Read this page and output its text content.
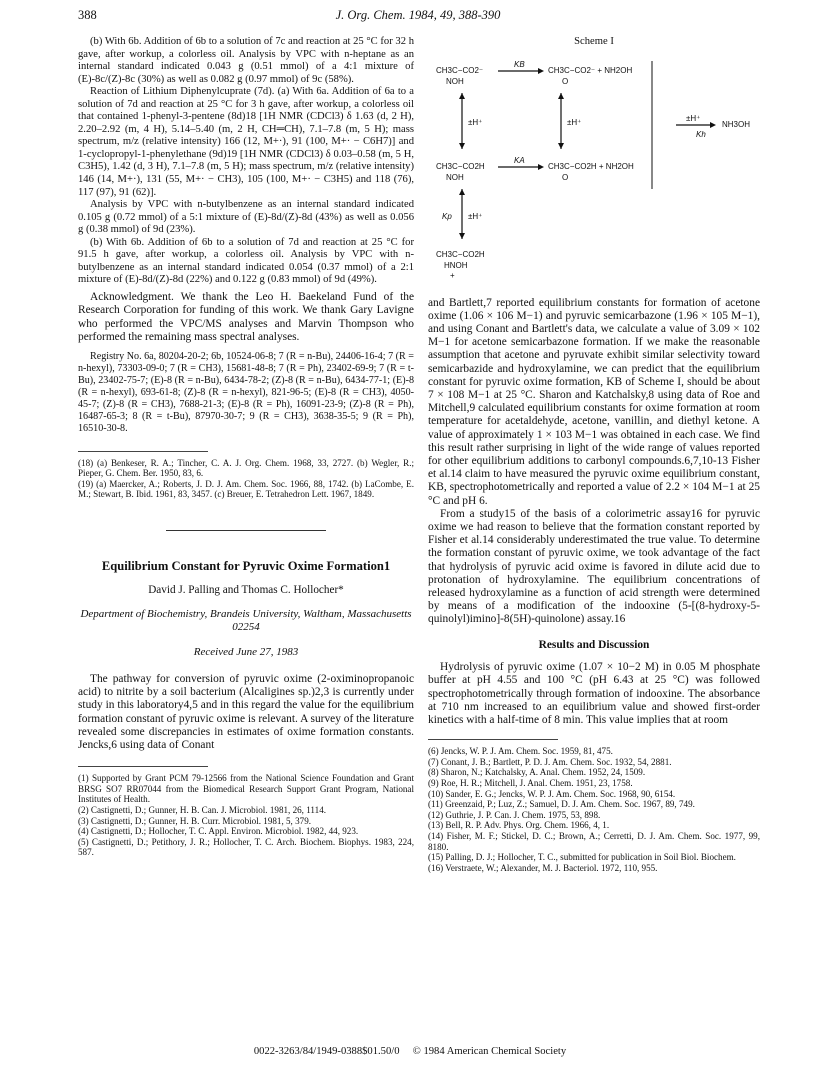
388	J. Org. Chem. 1984, 49, 388-390

(b) With 6b. Addition of 6b to a solution of 7c and reaction at 25 °C for 32 h gave, after workup, a colorless oil. Analysis by VPC with n-heptane as an internal standard indicated 0.043 g (0.51 mmol) of a 4:1 mixture of (E)-8c/(Z)-8c (30%) as well as 0.082 g (0.97 mmol) of 9c (58%).

Reaction of Lithium Diphenylcuprate (7d). (a) With 6a. Addition of 6a to a solution of 7d and reaction at 25 °C for 3 h gave, after workup, a colorless oil that contained 1-phenyl-3-pentene (8d)18 [1H NMR (CDCl3) δ 1.63 (d, 2 H), 2.20–2.92 (m, 4 H), 5.14–5.40 (m, 2 H, CH═CH), 7.1–7.8 (m, 5 H); mass spectrum, m/z (relative intensity) 166 (12, M+·), 91 (100, M+· − C6H7)] and 1-cyclopropyl-1-phenylethane (9d)19 [1H NMR (CDCl3) δ 0.03–0.58 (m, 5 H, C3H5), 1.42 (d, 3 H), 7.1–7.8 (m, 5 H); mass spectrum, m/z (relative intensity) 146 (14, M+·), 131 (55, M+· − CH3), 105 (100, M+· − C3H5) and 118 (76), 117 (97), 91 (62)].

Analysis by VPC with n-butylbenzene as an internal standard indicated 0.105 g (0.72 mmol) of a 5:1 mixture of (E)-8d/(Z)-8d (43%) as well as 0.056 g (0.38 mmol) of 9d (23%).

(b) With 6b. Addition of 6b to a solution of 7d and reaction at 25 °C for 91.5 h gave, after workup, a colorless oil. Analysis by VPC with n-butylbenzene as an internal standard indicated 0.054 (0.37 mmol) of a 2:1 mixture of (E)-8d/(Z)-8d (22%) and 0.122 g (0.83 mmol) of 9d (49%).

Acknowledgment. We thank the Leo H. Baekeland Fund of the Research Corporation for funding of this work. We thank Gary Lavigne who performed the VPC/MS analyses and Marvin Thompson who performed the remaining mass spectral analyses.

Registry No. 6a, 80204-20-2; 6b, 10524-06-8; 7 (R = n-Bu), 24406-16-4; 7 (R = n-hexyl), 73303-09-0; 7 (R = CH3), 15681-48-8; 7 (R = Ph), 23402-69-9; 7 (R = t-Bu), 23402-75-7; (E)-8 (R = n-Bu), 6434-78-2; (Z)-8 (R = n-Bu), 6434-77-1; (E)-8 (R = n-hexyl), 693-61-8; (Z)-8 (R = n-hexyl), 821-96-5; (E)-8 (R = CH3), 4050-45-7; (Z)-8 (R = CH3), 7688-21-3; (E)-8 (R = Ph), 16091-23-9; (Z)-8 (R = Ph), 16487-65-3; 8 (R = t-Bu), 87970-30-7; 9 (R = CH3), 3638-35-5; 9 (R = Ph), 16510-30-8.

(18) (a) Benkeser, R. A.; Tincher, C. A. J. Org. Chem. 1968, 33, 2727. (b) Wegler, R.; Pieper, G. Chem. Ber. 1950, 83, 6.

(19) (a) Maercker, A.; Roberts, J. D. J. Am. Chem. Soc. 1966, 88, 1742. (b) LaCombe, E. M.; Stewart, B. Ibid. 1961, 83, 3457. (c) Breuer, E. Tetrahedron Lett. 1967, 1849.

Equilibrium Constant for Pyruvic Oxime Formation1
David J. Palling and Thomas C. Hollocher*
Department of Biochemistry, Brandeis University, Waltham, Massachusetts 02254
Received June 27, 1983

The pathway for conversion of pyruvic oxime (2-oximinopropanoic acid) to nitrite by a soil bacterium (Alcaligines sp.)2,3 is currently under study in this laboratory4,5 and in this regard the value for the equilibrium formation constant of pyruvic oxime is relevant. A survey of the literature revealed some discrepancies in estimates of oxime formation constants. Jencks,6 using data of Conant

(1) Supported by Grant PCM 79-12566 from the National Science Foundation and Grant BRSG SO7 RR07044 from the Biomedical Research Support Grant Program, National Institutes of Health.

(2) Castignetti, D.; Gunner, H. B. Can. J. Microbiol. 1981, 26, 1114.

(3) Castignetti, D.; Gunner, H. B. Curr. Microbiol. 1981, 5, 379.

(4) Castignetti, D.; Hollocher, T. C. Appl. Environ. Microbiol. 1982, 44, 923.

(5) Castignetti, D.; Petithory, J. R.; Hollocher, T. C. Arch. Biochem. Biophys. 1983, 224, 587.

Scheme I
CH3C−CO2⁻
NOH
KB
CH3C−CO2⁻ + NH2OH
O
±H⁺	±H⁺	±H⁺
Kh
NH3OH
CH3C−CO2H
NOH
KA
CH3C−CO2H + NH2OH
O
Kp ±H⁺
CH3C−CO2H
HNOH
+

and Bartlett,7 reported equilibrium constants for formation of acetone oxime (1.06 × 106 M−1) and pyruvic semicarbazone (1.96 × 105 M−1), and using Conant and Bartlett's data, we calculate a value of 3.09 × 102 M−1 for acetone semicarbazone formation. If we make the reasonable assumption that acetone and pyruvate exhibit similar selectivity toward semicarbazide and hydroxylamine, we can predict that the equilibrium constant for pyruvic oxime formation, KB of Scheme I, should be about 7 × 108 M−1 at 25 °C. Sharon and Katchalsky,8 using data of Roe and Mitchell,9 calculated equilibrium constants for oxime formation at room temperature for acetaldehyde, acetone, vanillin, and diethyl ketone. A value of approximately 1 × 103 M−1 was obtained in each case. We find this result rather surprising in light of the wide range of values reported for other equilibrium additions to carbonyl compounds.6,7,10-13 Fisher et al.14 claim to have measured the pyruvic oxime equilibrium constant, KB, spectrophotometrically and reported a value of 2.2 × 104 M−1 at 25 °C and pH 6.

From a study15 of the basis of a colorimetric assay16 for pyruvic oxime we had reason to believe that the formation constant reported by Fisher et al.14 considerably underestimated the true value. To determine the formation constant of pyruvic oxime, we took advantage of the fact that hydrolysis of pyruvic acid oxime is favored in dilute acid due to protonation of hydroxylamine. The equilibrium concentrations of released hydroxylamine as a function of acid strength were determined by means of a modification of the indooxine (5-[(8-hydroxy-5-quinolyl)imino]-8(5H)-quinolone) assay.16

Results and Discussion

Hydrolysis of pyruvic oxime (1.07 × 10−2 M) in 0.05 M phosphate buffer at pH 4.55 and 100 °C (pH 6.43 at 25 °C) was followed spectrophotometrically through formation of indooxine. The absorbance at 710 nm increased to an equilibrium value and showed first-order kinetics with a half-time of 8 min. This value implies that at room

(6) Jencks, W. P. J. Am. Chem. Soc. 1959, 81, 475.

(7) Conant, J. B.; Bartlett, P. D. J. Am. Chem. Soc. 1932, 54, 2881.

(8) Sharon, N.; Katchalsky, A. Anal. Chem. 1952, 24, 1509.

(9) Roe, H. R.; Mitchell, J. Anal. Chem. 1951, 23, 1758.

(10) Sander, E. G.; Jencks, W. P. J. Am. Chem. Soc. 1968, 90, 6154.

(11) Greenzaid, P.; Luz, Z.; Samuel, D. J. Am. Chem. Soc. 1967, 89, 749.

(12) Guthrie, J. P. Can. J. Chem. 1975, 53, 898.

(13) Bell, R. P. Adv. Phys. Org. Chem. 1966, 4, 1.

(14) Fisher, M. F.; Stickel, D. C.; Brown, A.; Cerretti, D. J. Am. Chem. Soc. 1977, 99, 8180.

(15) Palling, D. J.; Hollocher, T. C., submitted for publication in Soil Biol. Biochem.

(16) Verstraete, W.; Alexander, M. J. Bacteriol. 1972, 110, 955.

0022-3263/84/1949-0388$01.50/0 © 1984 American Chemical Society
